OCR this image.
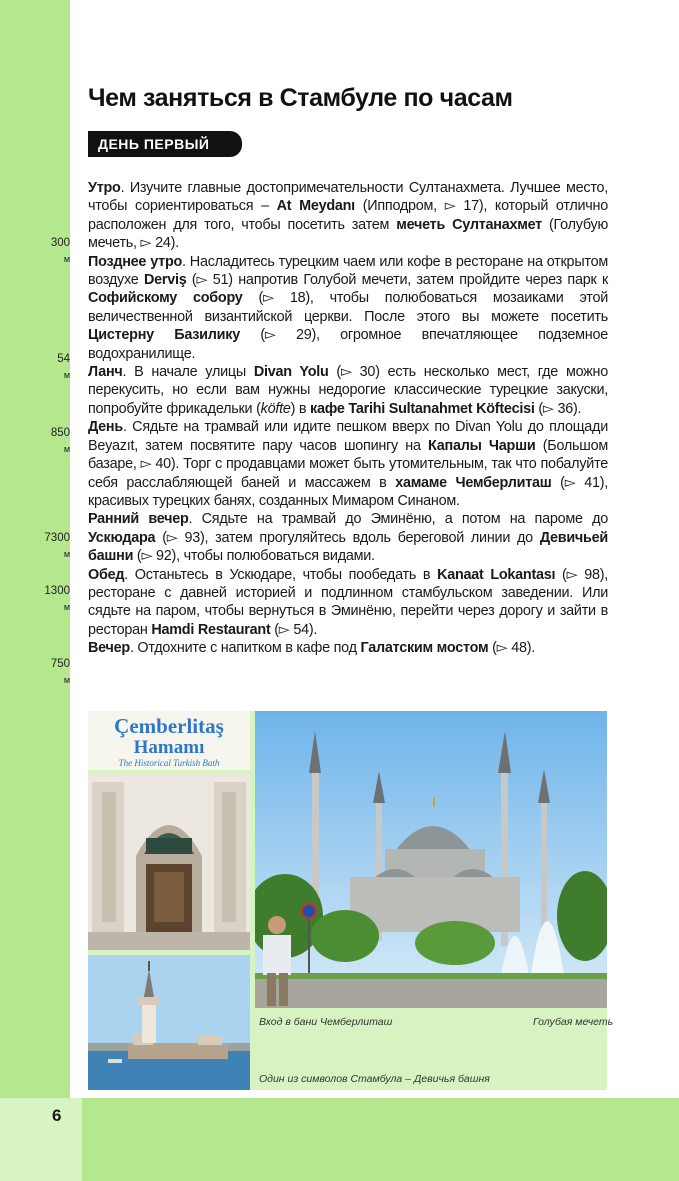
6
Чем заняться в Стамбуле по часам
ДЕНЬ ПЕРВЫЙ
300
м
54
м
850
м
7300
м
1300
м
750
м

Утро. Изучите главные достопримечательности Султанахмета. Лучшее место, чтобы сориентироваться – At Meydanı (Ипподром, ▻ 17), который отлично расположен для того, чтобы посетить затем мечеть Султанахмет (Голубую мечеть, ▻ 24).

Позднее утро. Насладитесь турецким чаем или кофе в ресторане на открытом воздухе Derviş (▻ 51) напротив Голубой мечети, затем пройдите через парк к Софийскому собору (▻ 18), чтобы полюбоваться мозаиками этой величественной византийской церкви. После этого вы можете посетить Цистерну Базилику (▻ 29), огромное впечатляющее подземное водохранилище.

Ланч. В начале улицы Divan Yolu (▻ 30) есть несколько мест, где можно перекусить, но если вам нужны недорогие классические турецкие закуски, попробуйте фрикадельки (köfte) в кафе Tarihi Sultanahmet Köftecisi (▻ 36).

День. Сядьте на трамвай или идите пешком вверх по Divan Yolu до площади Beyazıt, затем посвятите пару часов шопингу на Капалы Чарши (Большом базаре, ▻ 40). Торг с продавцами может быть утомительным, так что побалуйте себя расслабляющей баней и массажем в хамаме Чемберлиташ (▻ 41), красивых турецких банях, созданных Мимаром Синаном.

Ранний вечер. Сядьте на трамвай до Эминёню, а потом на пароме до Ускюдара (▻ 93), затем прогуляйтесь вдоль береговой линии до Девичьей башни (▻ 92), чтобы полюбоваться видами.

Обед. Останьтесь в Ускюдаре, чтобы пообедать в Kanaat Lokantası (▻ 98), ресторане с давней историей и подлинном стамбульском заведении. Или сядьте на паром, чтобы вернуться в Эминёню, перейти через дорогу и зайти в ресторан Hamdi Restaurant (▻ 54).

Вечер. Отдохните с напитком в кафе под Галатским мостом (▻ 48).

Çemberlitaş
Hamamı
The Historical Turkish Bath
Вход в бани Чемберлиташ	Голубая мечеть
Один из символов Стамбула – Девичья башня
